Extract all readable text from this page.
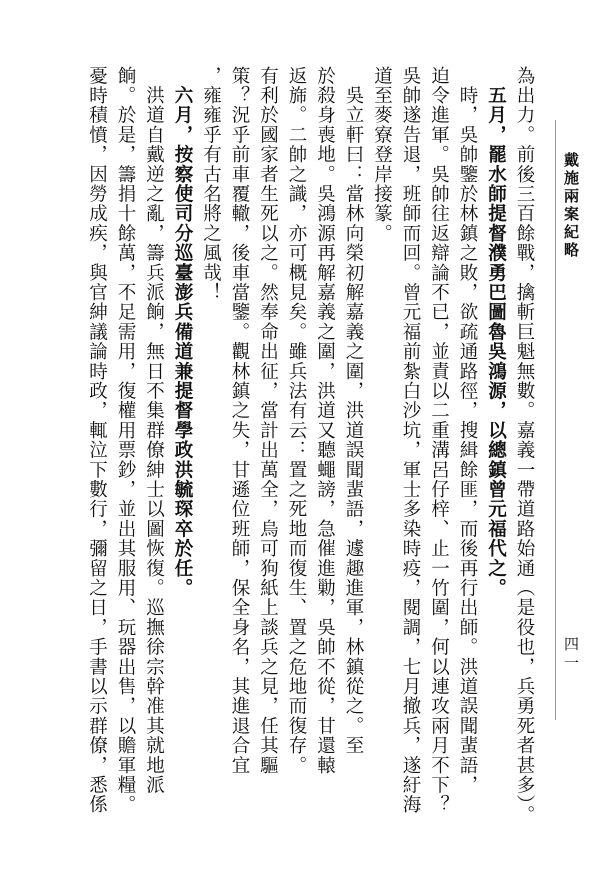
戴施兩案紀略
四一
為出力。前後三百餘戰，擒斬巨魁無數。嘉義一帶道路始通（是役也，兵勇死者甚多）。
　五月，罷水師提督濮勇巴圖魯吳鴻源，以總鎮曾元福代之。
　時，吳帥鑒於林鎮之敗，欲疏通路徑，搜緝餘匪，而後再行出師。洪道誤聞蜚語，
迫令進軍。吳帥往返辯論不已，並責以二重溝呂仔梓、止一竹圍，何以連攻兩月不下？
吳帥遂告退，班師而回。曾元福前紮白沙坑，軍士多染時疫，閱調，七月撤兵，遂紆海
道至麥寮登岸接篆。
　吳立軒曰：當林向榮初解嘉義之圍，洪道誤聞蜚語，遽趣進軍，林鎮從之。至
於殺身喪地。吳鴻源再解嘉義之圍，洪道又聽蠅謗，急催進勦，吳帥不從，甘還轅
返旆。二帥之識，亦可概見矣。雖兵法有云：置之死地而復生、置之危地而復存。
有利於國家者生死以之。然奉命出征，當計出萬全，烏可狗紙上談兵之見，任其驅
策？況乎前車覆轍，後車當鑒。觀林鎮之失，甘遜位班師，保全身名，其進退合宜
，雍雍乎有古名將之風哉！
　六月，按察使司分巡臺澎兵備道兼提督學政洪毓琛卒於任。
　洪道自戴逆之亂，籌兵派餉，無日不集群僚紳士以圖恢復。巡撫徐宗幹准其就地派
餉。於是，籌捐十餘萬，不足需用，復權用票鈔，並出其服用、玩器出售，以贍軍糧。
憂時積憤，因勞成疾，與官紳議論時政，輒泣下數行，彌留之日，手書以示群僚，悉係
